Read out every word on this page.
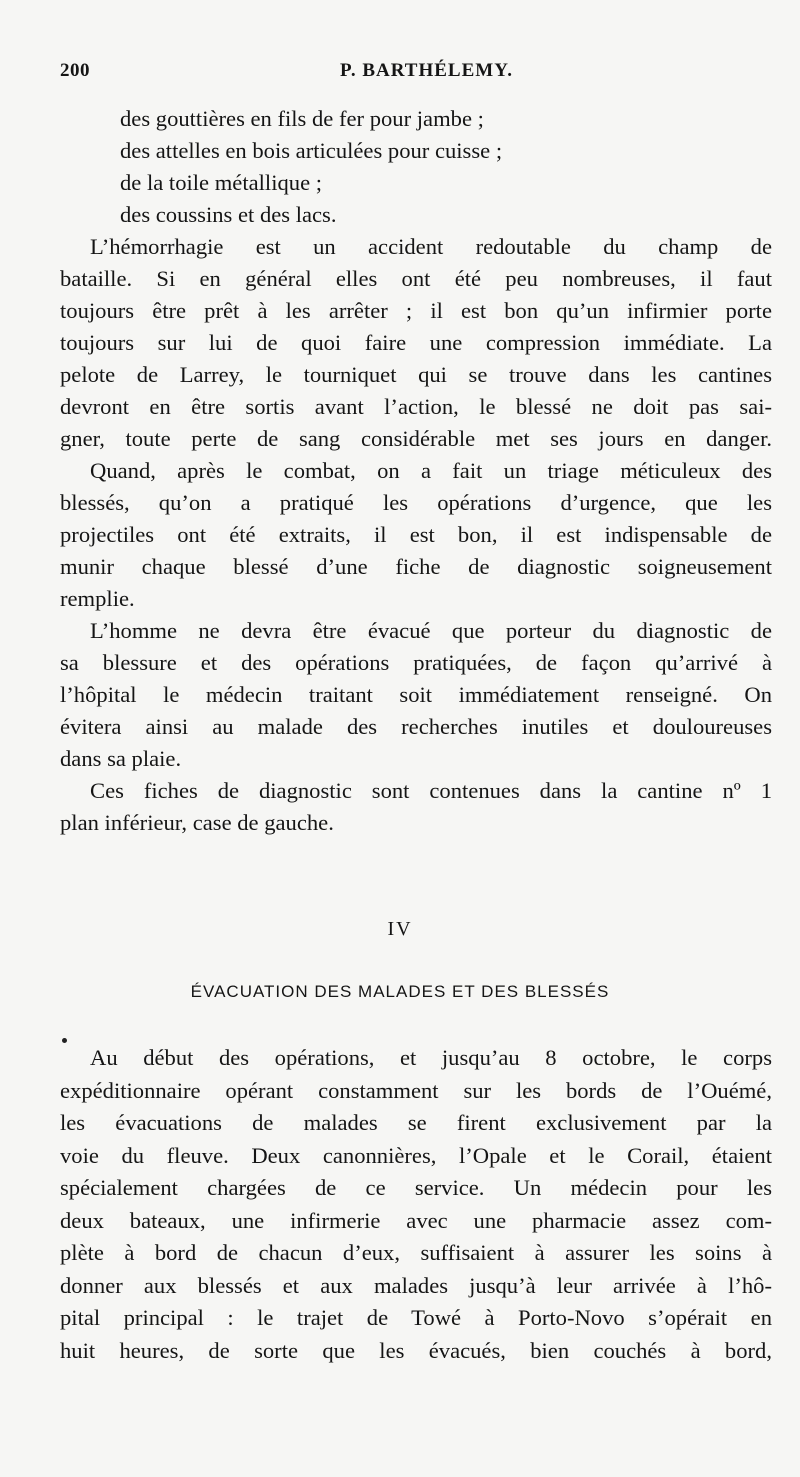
200	P. BARTHÉLEMY.
des gouttières en fils de fer pour jambe ;
des attelles en bois articulées pour cuisse ;
de la toile métallique ;
des coussins et des lacs.
L’hémorrhagie est un accident redoutable du champ de
bataille. Si en général elles ont été peu nombreuses, il faut
toujours être prêt à les arrêter ; il est bon qu’un infirmier porte
toujours sur lui de quoi faire une compression immédiate. La
pelote de Larrey, le tourniquet qui se trouve dans les cantines
devront en être sortis avant l’action, le blessé ne doit pas sai-
gner, toute perte de sang considérable met ses jours en danger.
Quand, après le combat, on a fait un triage méticuleux des
blessés, qu’on a pratiqué les opérations d’urgence, que les
projectiles ont été extraits, il est bon, il est indispensable de
munir chaque blessé d’une fiche de diagnostic soigneusement
remplie.
L’homme ne devra être évacué que porteur du diagnostic de
sa blessure et des opérations pratiquées, de façon qu’arrivé à
l’hôpital le médecin traitant soit immédiatement renseigné. On
évitera ainsi au malade des recherches inutiles et douloureuses
dans sa plaie.
Ces fiches de diagnostic sont contenues dans la cantine nº 1
plan inférieur, case de gauche.
IV
ÉVACUATION DES MALADES ET DES BLESSÉS
Au début des opérations, et jusqu’au 8 octobre, le corps
expéditionnaire opérant constamment sur les bords de l’Ouémé,
les évacuations de malades se firent exclusivement par la
voie du fleuve. Deux canonnières, l’Opale et le Corail, étaient
spécialement chargées de ce service. Un médecin pour les
deux bateaux, une infirmerie avec une pharmacie assez com-
plète à bord de chacun d’eux, suffisaient à assurer les soins à
donner aux blessés et aux malades jusqu’à leur arrivée à l’hô-
pital principal : le trajet de Towé à Porto-Novo s’opérait en
huit heures, de sorte que les évacués, bien couchés à bord,
